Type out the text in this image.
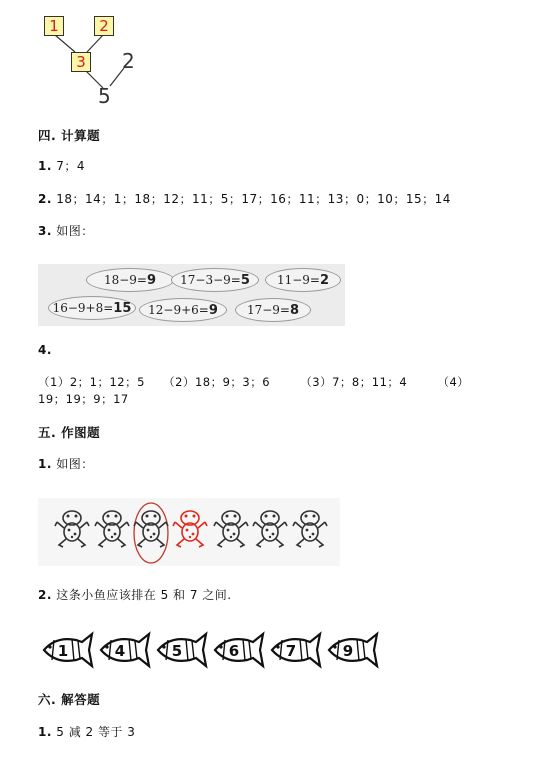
1	2
3 2
5
四. 计算题
1. 7；4
2. 18；14；1；18；12；11；5；17；16；11；13；0；10；15；14
3. 如图：
18−9=9	17−3−9=5	11−9=2
16−9+8=15	12−9+6=9	17−9=8
4.
（1）2；1；12；5　　（2）18；9；3；6　　　（3）7；8；11；4　　　（4）
19；19；9；17
五. 作图题
1. 如图：
2. 这条小鱼应该排在 5 和 7 之间.
1	4	5	6	7	9
六. 解答题
1. 5 减 2 等于 3
